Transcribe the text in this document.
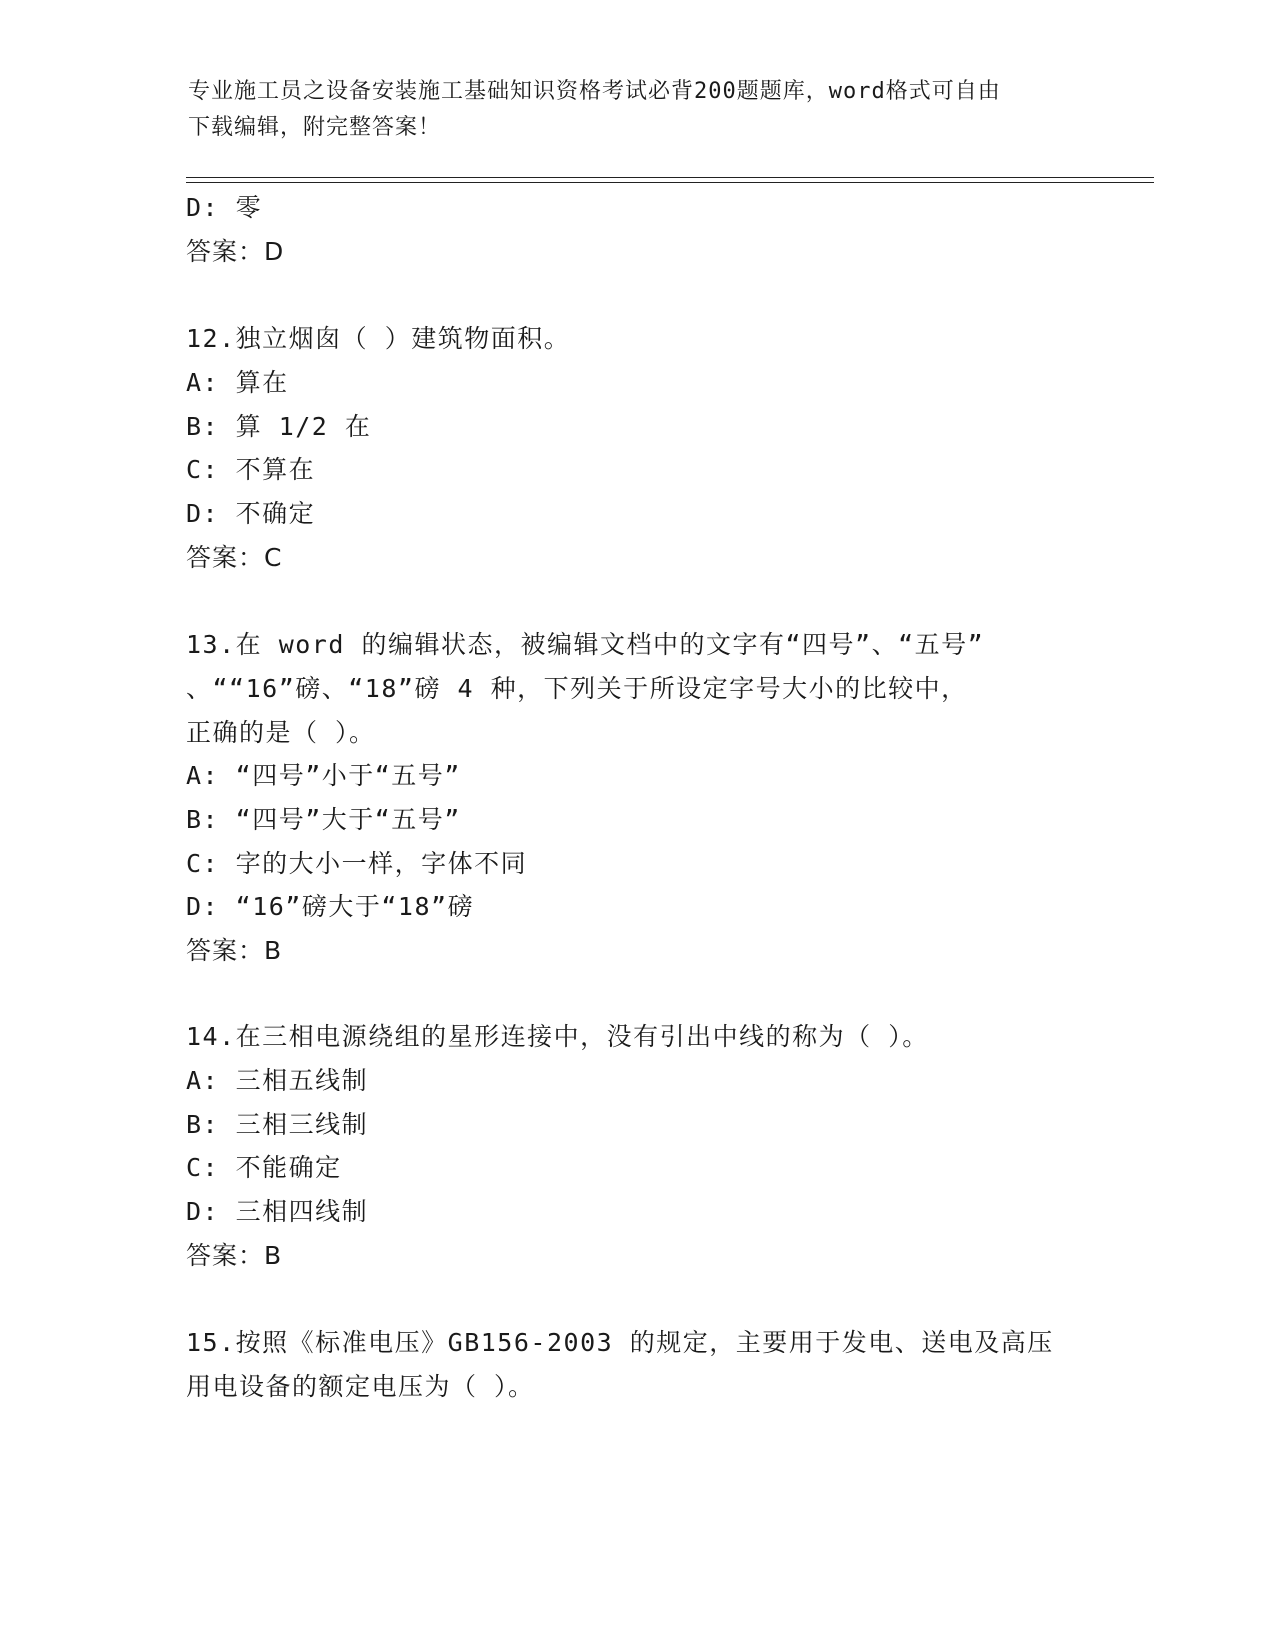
专业施工员之设备安装施工基础知识资格考试必背200题题库，word格式可自由
下载编辑，附完整答案！
D: 零
答案：D
12.独立烟囱（ ）建筑物面积。
A: 算在
B: 算 1/2 在
C: 不算在
D: 不确定
答案：C
13.在 word 的编辑状态，被编辑文档中的文字有“四号”、“五号”
、““16”磅、“18”磅 4 种，下列关于所设定字号大小的比较中，
正确的是（ ）。
A: “四号”小于“五号”
B: “四号”大于“五号”
C: 字的大小一样，字体不同
D: “16”磅大于“18”磅
答案：B
14.在三相电源绕组的星形连接中，没有引出中线的称为（ ）。
A: 三相五线制
B: 三相三线制
C: 不能确定
D: 三相四线制
答案：B
15.按照《标准电压》GB156-2003 的规定，主要用于发电、送电及高压
用电设备的额定电压为（ ）。
